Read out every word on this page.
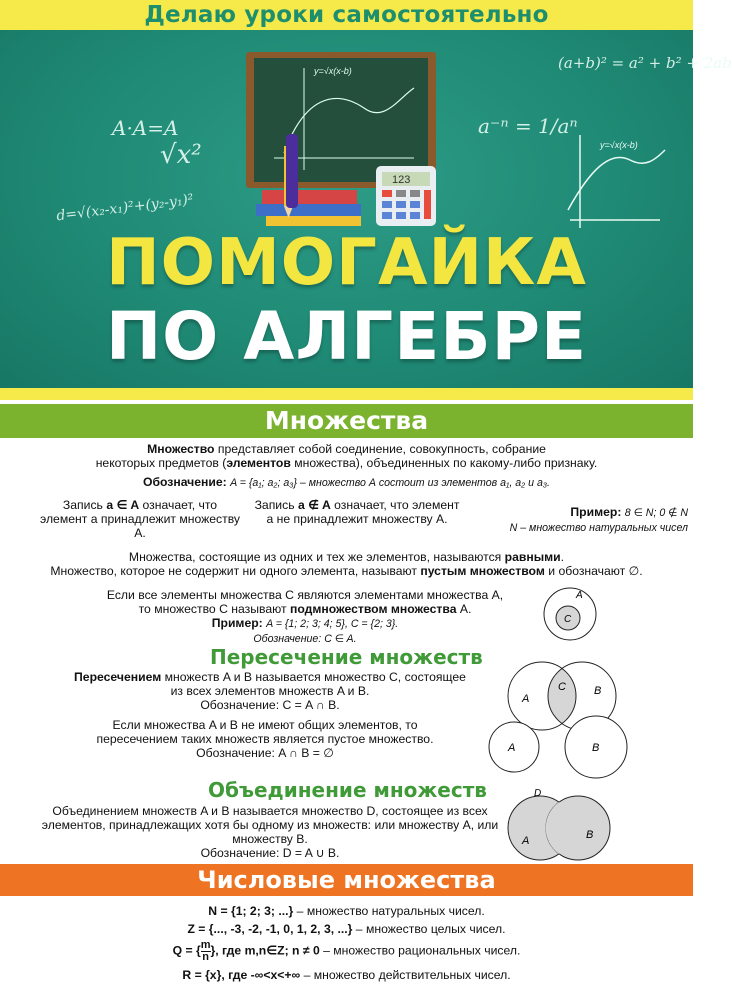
Делаю уроки самостоятельно
A·A=A
√x²
d=√(x₂-x₁)²+(y₂-y₁)²
(a+b)² = a² + b² + 2ab
a⁻ⁿ = 1/aⁿ
y=√x(x-b)
y=√x(x-b)
123
ПОМОГАЙКА
ПО АЛГЕБРЕ
Множества
Множество представляет собой соединение, совокупность, собрание
некоторых предметов (элементов множества), объединенных по какому-либо признаку.
Обозначение: A = {a₁; a₂; a₃} – множество А состоит из элементов a₁, a₂ и a₃.
Запись a ∈ A означает, что элемент a принадлежит множеству A.
Запись a ∉ A означает, что элемент a не принадлежит множеству A.	Пример: 8 ∈ N; 0 ∉ N
N – множество натуральных чисел
Множества, состоящие из одних и тех же элементов, называются равными.
Множество, которое не содержит ни одного элемента, называют пустым множеством и обозначают ∅.
Если все элементы множества С являются элементами множества А,
то множество С называют подмножеством множества А.
Пример: A = {1; 2; 3; 4; 5}, C = {2; 3}.
Обозначение: C ∈ A.
A
C
Пересечение множеств
Пересечением множеств A и B называется множество С, состоящее из всех элементов множеств A и B.
Обозначение: С = A ∩ B.	A
B
C
Если множества A и B не имеют общих элементов, то пересечением таких множеств является пустое множество.
Обозначение: A ∩ B = ∅	A	B
Объединение множеств
Объединением множеств A и B называется множество D, состоящее из всех элементов, принадлежащих хотя бы одному из множеств: или множеству A, или множеству B.
Обозначение: D = A ∪ B.
D
A	B
Числовые множества
N = {1; 2; 3; ...} – множество натуральных чисел.
Z = {..., -3, -2, -1, 0, 1, 2, 3, ...} – множество целых чисел.
Q = { $\frac{m}{n}$ }, где m,n∈Z; n ≠ 0 – множество рациональных чисел.
R = {x}, где -∞<x<+∞ – множество действительных чисел.
